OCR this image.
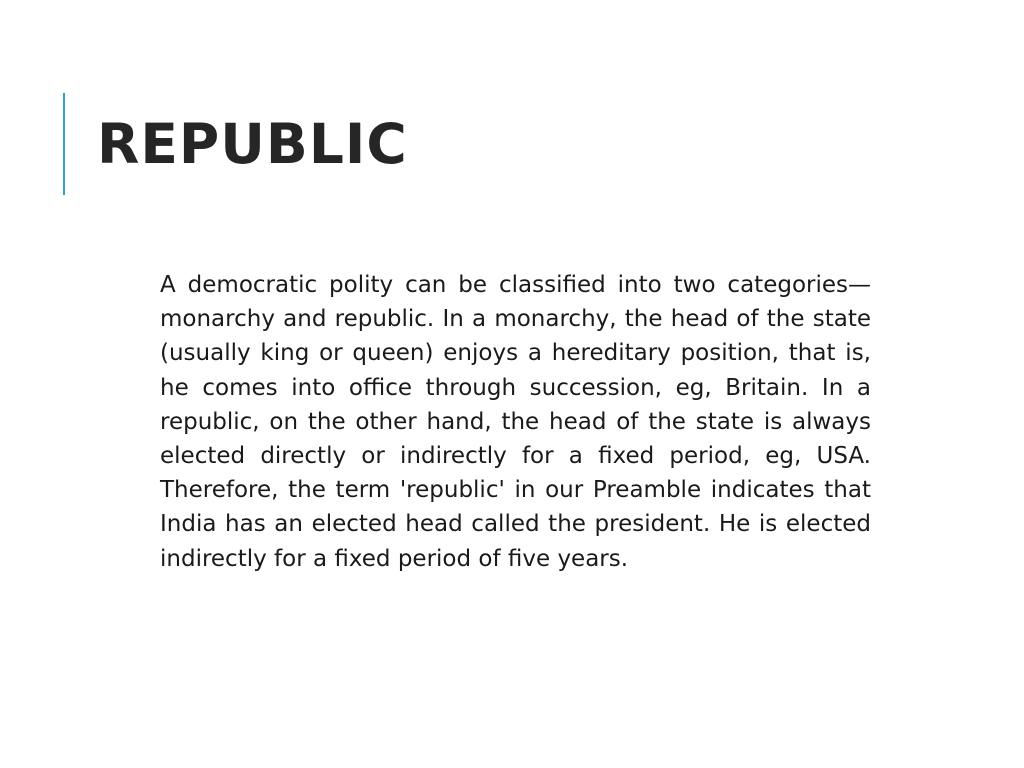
REPUBLIC

A democratic polity can be classified into two categories—monarchy and republic. In a monarchy, the head of the state (usually king or queen) enjoys a hereditary position, that is, he comes into office through succession, eg, Britain. In a republic, on the other hand, the head of the state is always elected directly or indirectly for a fixed period, eg, USA. Therefore, the term 'republic' in our Preamble indicates that India has an elected head called the president. He is elected indirectly for a fixed period of five years.
